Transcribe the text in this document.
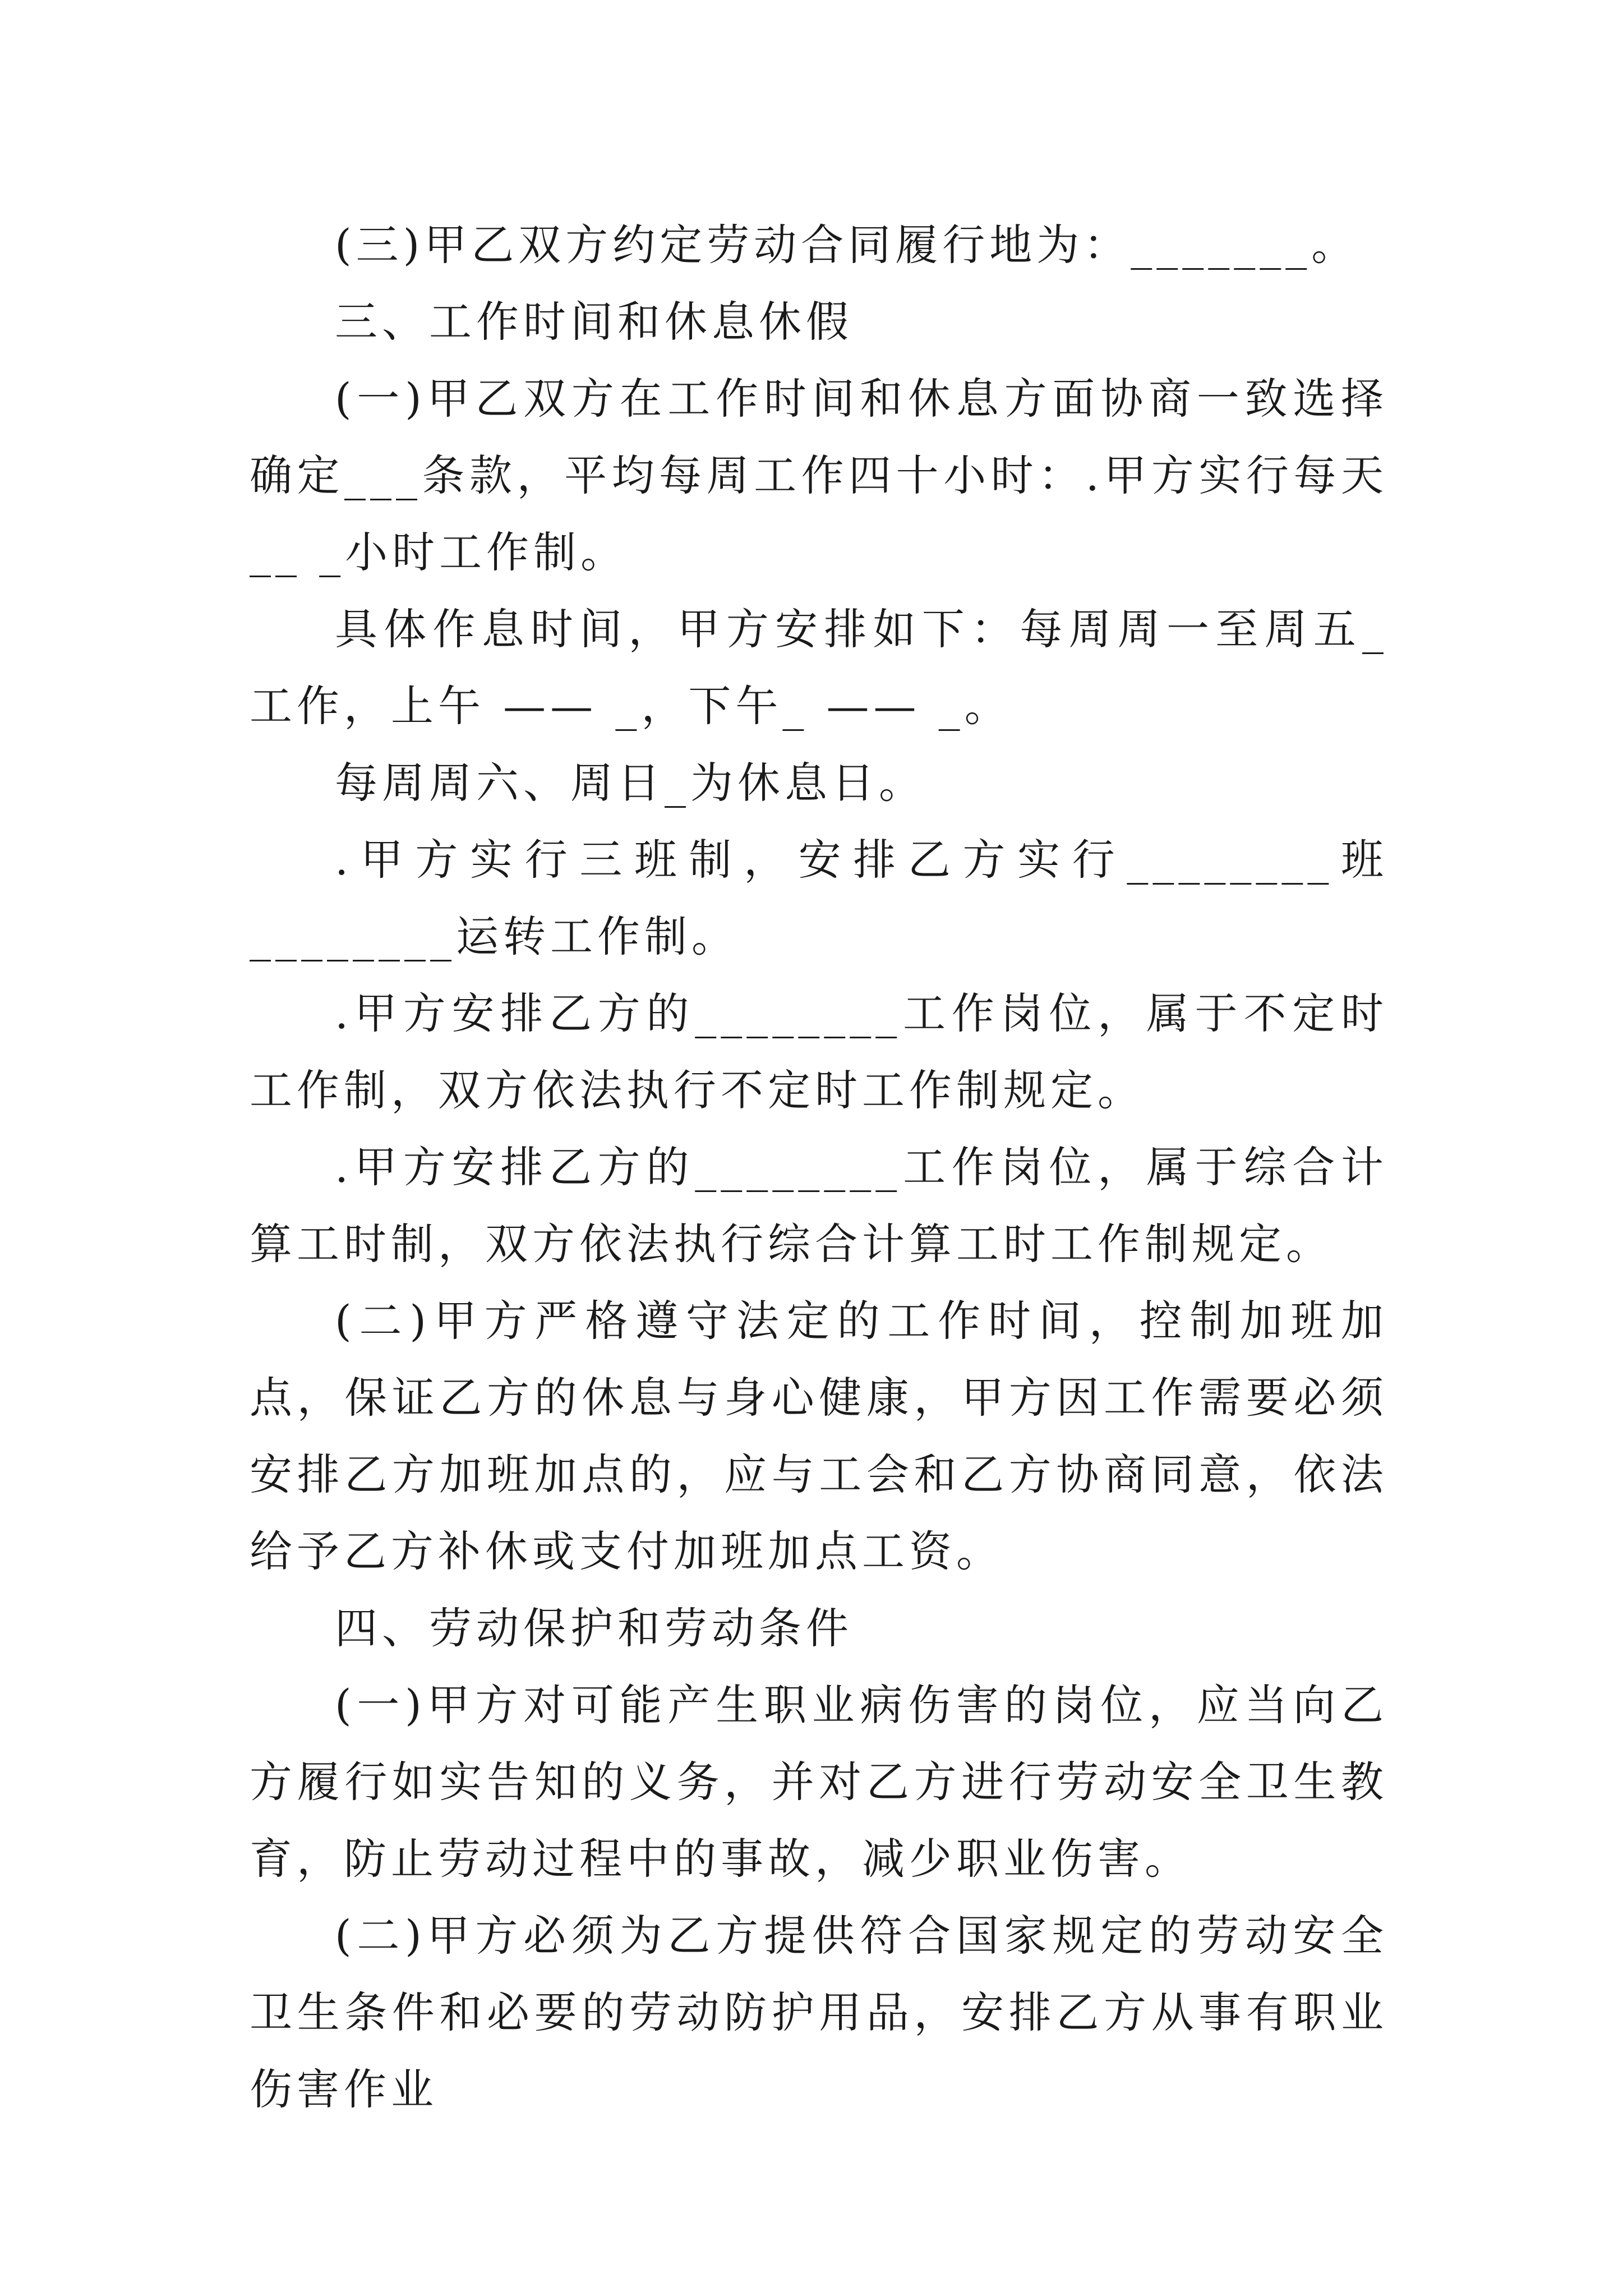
(三)甲乙双方约定劳动合同履行地为：_______。

三、工作时间和休息休假

(一)甲乙双方在工作时间和休息方面协商一致选择确定___条款，平均每周工作四十小时：.甲方实行每天__ _小时工作制。

具体作息时间，甲方安排如下：每周周一至周五_工作，上午 —— _，下午_ —— _。

每周周六、周日_为休息日。

.甲方实行三班制，安排乙方实行________班________运转工作制。

.甲方安排乙方的________工作岗位，属于不定时工作制，双方依法执行不定时工作制规定。

.甲方安排乙方的________工作岗位，属于综合计算工时制，双方依法执行综合计算工时工作制规定。

(二)甲方严格遵守法定的工作时间，控制加班加点，保证乙方的休息与身心健康，甲方因工作需要必须安排乙方加班加点的，应与工会和乙方协商同意，依法给予乙方补休或支付加班加点工资。

四、劳动保护和劳动条件

(一)甲方对可能产生职业病伤害的岗位，应当向乙方履行如实告知的义务，并对乙方进行劳动安全卫生教育，防止劳动过程中的事故，减少职业伤害。

(二)甲方必须为乙方提供符合国家规定的劳动安全卫生条件和必要的劳动防护用品，安排乙方从事有职业伤害作业
